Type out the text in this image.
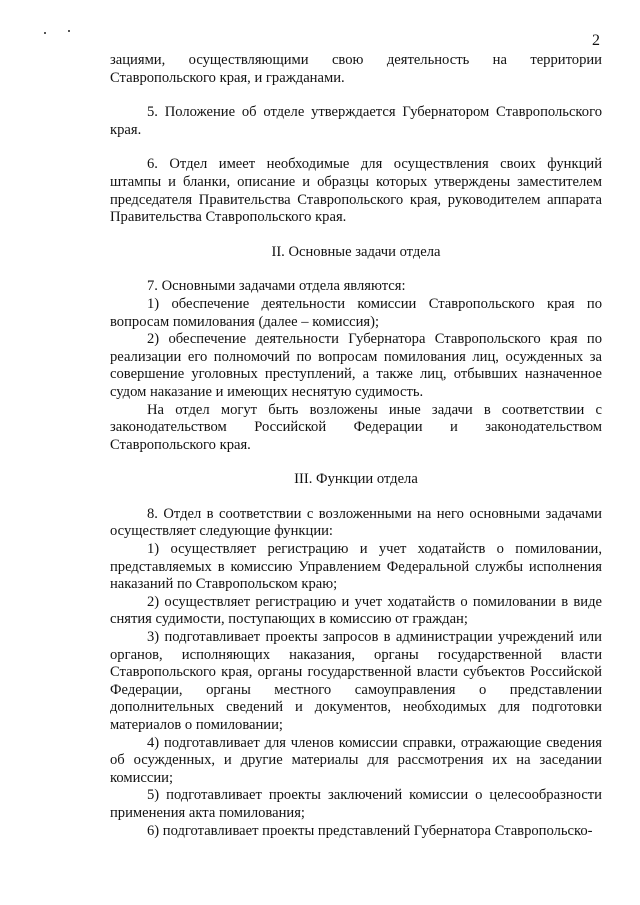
2

зациями, осуществляющими свою деятельность на территории Ставропольского края, и гражданами.

5. Положение об отделе утверждается Губернатором Ставропольского края.

6. Отдел имеет необходимые для осуществления своих функций штампы и бланки, описание и образцы которых утверждены заместителем председателя Правительства Ставропольского края, руководителем аппарата Правительства Ставропольского края.

II. Основные задачи отдела

7. Основными задачами отдела являются:

1) обеспечение деятельности комиссии Ставропольского края по вопросам помилования (далее – комиссия);

2) обеспечение деятельности Губернатора Ставропольского края по реализации его полномочий по вопросам помилования лиц, осужденных за совершение уголовных преступлений, а также лиц, отбывших назначенное судом наказание и имеющих неснятую судимость.

На отдел могут быть возложены иные задачи в соответствии с законодательством Российской Федерации и законодательством Ставропольского края.

III. Функции отдела

8. Отдел в соответствии с возложенными на него основными задачами осуществляет следующие функции:

1) осуществляет регистрацию и учет ходатайств о помиловании, представляемых в комиссию Управлением Федеральной службы исполнения наказаний по Ставропольском краю;

2) осуществляет регистрацию и учет ходатайств о помиловании в виде снятия судимости, поступающих в комиссию от граждан;

3) подготавливает проекты запросов в администрации учреждений или органов, исполняющих наказания, органы государственной власти Ставропольского края, органы государственной власти субъектов Российской Федерации, органы местного самоуправления о представлении дополнительных сведений и документов, необходимых для подготовки материалов о помиловании;

4) подготавливает для членов комиссии справки, отражающие сведения об осужденных, и другие материалы для рассмотрения их на заседании комиссии;

5) подготавливает проекты заключений комиссии о целесообразности применения акта помилования;

6) подготавливает проекты представлений Губернатора Ставропольско-
